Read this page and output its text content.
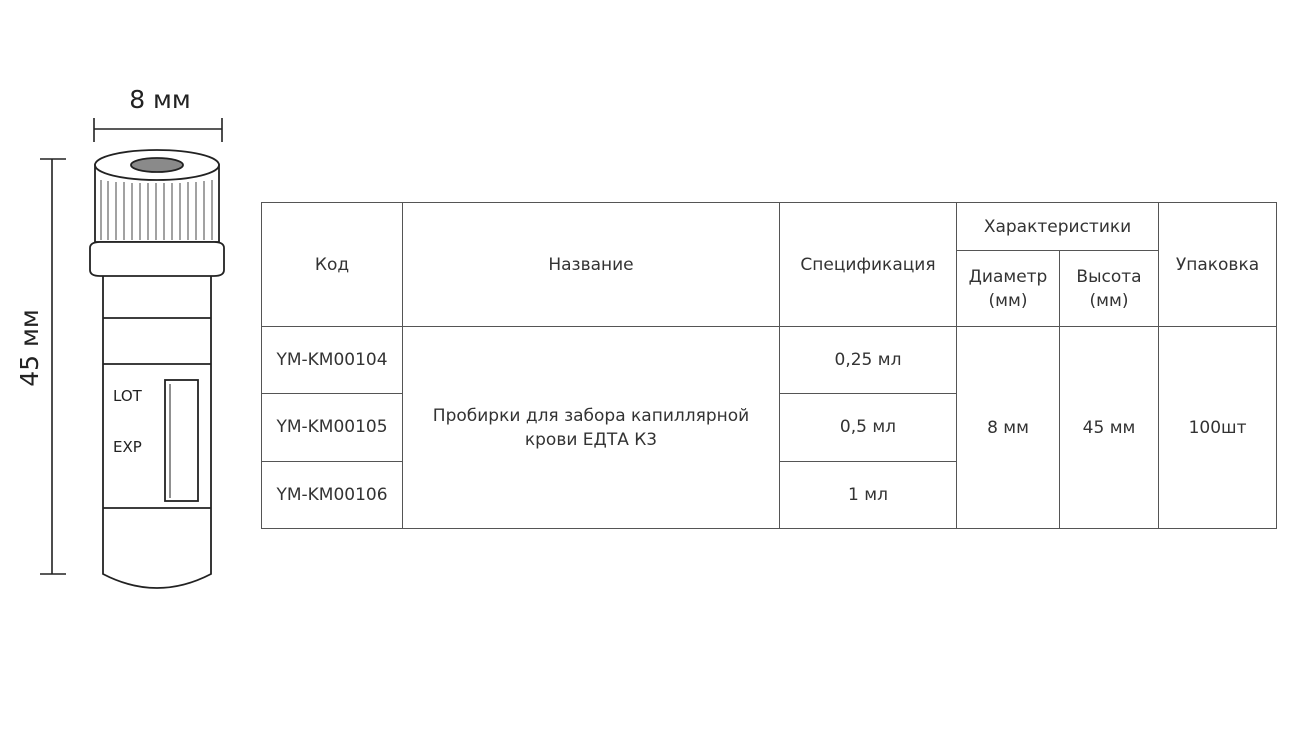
8 мм
45 мм
LOT
EXP
Код	Название	Спецификация	Характеристики		Упаковка
			Диаметр (мм)	Высота (мм)	
YM-KM00104	Пробирки для забора капиллярной крови ЕДТА К3	0,25 мл	8 мм	45 мм	100шт
YM-KM00105		0,5 мл			
YM-KM00106		1 мл			
